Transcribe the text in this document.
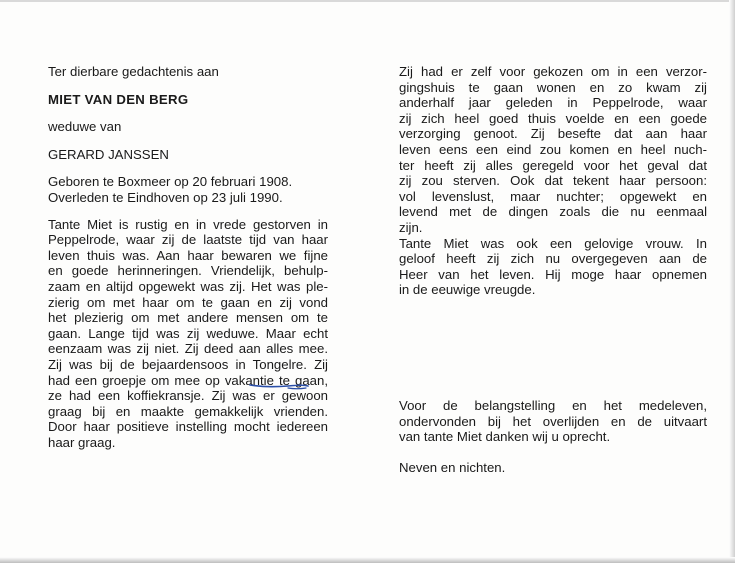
Ter dierbare gedachtenis aan
MIET VAN DEN BERG
weduwe van
GERARD JANSSEN
Geboren te Boxmeer op 20 februari 1908.
Overleden te Eindhoven op 23 juli 1990.
Tante Miet is rustig en in vrede gestorven in
Peppelrode, waar zij de laatste tijd van haar
leven thuis was. Aan haar bewaren we fijne
en goede herinneringen. Vriendelijk, behulp-
zaam en altijd opgewekt was zij. Het was ple-
zierig om met haar om te gaan en zij vond
het plezierig om met andere mensen om te
gaan. Lange tijd was zij weduwe. Maar echt
eenzaam was zij niet. Zij deed aan alles mee.
Zij was bij de bejaardensoos in Tongelre. Zij
had een groepje om mee op vakantie te gaan,
ze had een koffiekransje. Zij was er gewoon
graag bij en maakte gemakkelijk vrienden.
Door haar positieve instelling mocht iedereen
haar graag.
Zij had er zelf voor gekozen om in een verzor-
gingshuis te gaan wonen en zo kwam zij
anderhalf jaar geleden in Peppelrode, waar
zij zich heel goed thuis voelde en een goede
verzorging genoot. Zij besefte dat aan haar
leven eens een eind zou komen en heel nuch-
ter heeft zij alles geregeld voor het geval dat
zij zou sterven. Ook dat tekent haar persoon:
vol levenslust, maar nuchter; opgewekt en
levend met de dingen zoals die nu eenmaal
zijn.
Tante Miet was ook een gelovige vrouw. In
geloof heeft zij zich nu overgegeven aan de
Heer van het leven. Hij moge haar opnemen
in de eeuwige vreugde.
Voor de belangstelling en het medeleven,
ondervonden bij het overlijden en de uitvaart
van tante Miet danken wij u oprecht.
Neven en nichten.
